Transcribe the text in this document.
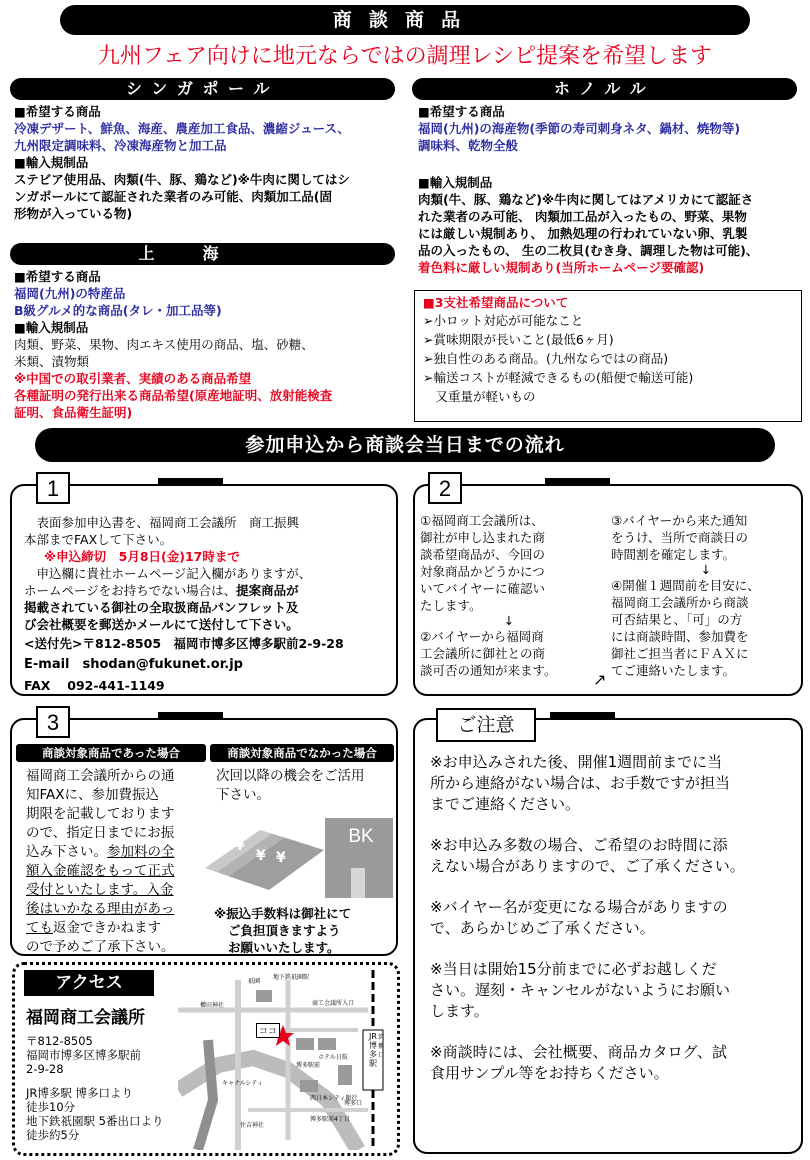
商談商品
九州フェア向けに地元ならではの調理レシピ提案を希望します
シンガポール
■希望する商品
冷凍デザート、鮮魚、海産、農産加工食品、濃縮ジュース、
九州限定調味料、冷凍海産物と加工品
■輸入規制品
ステビア使用品、肉類(牛、豚、鶏など)※牛肉に関してはシ
ンガポールにて認証された業者のみ可能、肉類加工品(固
形物が入っている物)
上海
■希望する商品
福岡(九州)の特産品
B級グルメ的な商品(タレ・加工品等)
■輸入規制品
肉類、野菜、果物、肉エキス使用の商品、塩、砂糖、
米類、漬物類
※中国での取引業者、実績のある商品希望
各種証明の発行出来る商品希望(原産地証明、放射能検査
証明、食品衛生証明)
ホノルル
■希望する商品
福岡(九州)の海産物(季節の寿司刺身ネタ、鍋材、焼物等)
調味料、乾物全般
■輸入規制品
肉類(牛、豚、鶏など)※牛肉に関してはアメリカにて認証さ
れた業者のみ可能、 肉類加工品が入ったもの、野菜、果物
には厳しい規制あり、 加熱処理の行われていない卵、乳製
品の入ったもの、 生の二枚貝(むき身、調理した物は可能)、
着色料に厳しい規制あり(当所ホームページ要確認)
■3支社希望商品について
➢小ロット対応が可能なこと
➢賞味期限が長いこと(最低6ヶ月)
➢独自性のある商品。(九州ならではの商品)
➢輸送コストが軽減できるもの(船便で輸送可能)
　又重量が軽いもの
参加申込から商談会当日までの流れ
1
　表面参加申込書を、福岡商工会議所　商工振興
本部までFAXして下さい。
※申込締切　5月8日(金)17時まで
　申込欄に貴社ホームページ記入欄がありますが、
ホームページをお持ちでない場合は、提案商品が
掲載されている御社の全取扱商品パンフレット及
び会社概要を郵送かメールにて送付して下さい。
<送付先>〒812-8505　福岡市博多区博多駅前2-9-28
E-mail　shodan@fukunet.or.jp
FAX　 092-441-1149
2
①福岡商工会議所は、
御社が申し込まれた商
談希望商品が、今回の
対象商品かどうかにつ
いてバイヤーに確認い
たします。
↓
②バイヤーから福岡商
工会議所に御社との商
談可否の通知が来ます。	↗
③バイヤーから来た通知
をうけ、当所で商談日の
時間割を確定します。
↓
④開催１週間前を目安に、
福岡商工会議所から商談
可否結果と、「可」の方
には商談時間、参加費を
御社ご担当者にＦＡＸに
てご連絡いたします。
3
商談対象商品であった場合	商談対象商品でなかった場合
福岡商工会議所からの通
知FAXに、参加費振込
期限を記載しております
ので、指定日までにお振
込み下さい。参加料の全
額入金確認をもって正式
受付といたします。入金
後はいかなる理由があっ
ても返金できかねます
ので予めご了承下さい。
次回以降の機会をご活用
下さい。
¥
¥ ¥
BK
※振込手数料は御社にて
ご負担頂きますよう
お願いいたします。
ご注意
※お申込みされた後、開催1週間前までに当
所から連絡がない場合は、お手数ですが担当
までご連絡ください。
※お申込み多数の場合、ご希望のお時間に添
えない場合がありますので、ご了承ください。
※バイヤー名が変更になる場合がありますの
で、あらかじめご了承ください。
※当日は開始15分前までに必ずお越しくだ
さい。遅刻・キャンセルがないようにお願い
します。
※商談時には、会社概要、商品カタログ、試
食用サンプル等をお持ちください。
アクセス
福岡商工会議所
〒812-8505
福岡市博多区博多駅前
2-9-28
JR博多駅 博多口より
徒歩10分
地下鉄祇園駅 5番出口より
徒歩約5分
ココ	JR博多駅
地下鉄祇園駅
商工会議所入口
ホテル日航
西日本シティ銀行
博多駅前4丁目
櫛田神社
キャナルシティ
博多口
筑紫口
住吉神社
祇園
博多駅前
